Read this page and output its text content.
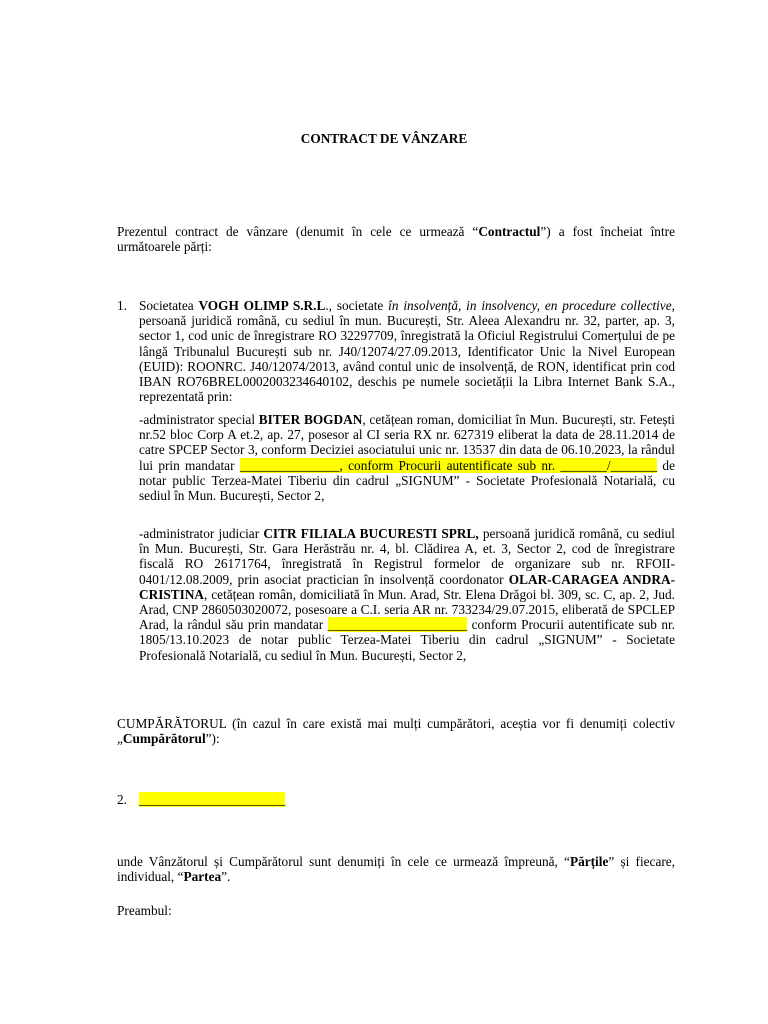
CONTRACT DE VÂNZARE

Prezentul contract de vânzare (denumit în cele ce urmează “Contractul”) a fost încheiat între următoarele părți:

1. Societatea VOGH OLIMP S.R.L., societate în insolvență, in insolvency, en procedure collective, persoană juridică română, cu sediul în mun. București, Str. Aleea Alexandru nr. 32, parter, ap. 3, sector 1, cod unic de înregistrare RO 32297709, înregistrată la Oficiul Registrului Comerțului de pe lângă Tribunalul București sub nr. J40/12074/27.09.2013, Identificator Unic la Nivel European (EUID): ROONRC. J40/12074/2013, având contul unic de insolvență, de RON, identificat prin cod IBAN RO76BREL0002003234640102, deschis pe numele societății la Libra Internet Bank S.A., reprezentată prin:

-administrator special BITER BOGDAN, cetățean roman, domiciliat în Mun. București, str. Fetești nr.52 bloc Corp A et.2, ap. 27, posesor al CI seria RX nr. 627319 eliberat la data de 28.11.2014 de catre SPCEP Sector 3, conform Deciziei asociatului unic nr. 13537 din data de 06.10.2023, la rândul lui prin mandatar _______________, conform Procurii autentificate sub nr. _______/_______ de notar public Terzea-Matei Tiberiu din cadrul „SIGNUM” - Societate Profesională Notarială, cu sediul în Mun. București, Sector 2,

-administrator judiciar CITR FILIALA BUCURESTI SPRL, persoană juridică română, cu sediul în Mun. București, Str. Gara Herăstrău nr. 4, bl. Clădirea A, et. 3, Sector 2, cod de înregistrare fiscală RO 26171764, înregistrată în Registrul formelor de organizare sub nr. RFOII-0401/12.08.2009, prin asociat practician în insolvență coordonator OLAR-CARAGEA ANDRA-CRISTINA, cetățean român, domiciliată în Mun. Arad, Str. Elena Drăgoi bl. 309, sc. C, ap. 2, Jud. Arad, CNP 2860503020072, posesoare a C.I. seria AR nr. 733234/29.07.2015, eliberată de SPCLEP Arad, la rândul său prin mandatar _____________________ conform Procurii autentificate sub nr. 1805/13.10.2023 de notar public Terzea-Matei Tiberiu din cadrul „SIGNUM” - Societate Profesională Notarială, cu sediul în Mun. București, Sector 2,

CUMPĂRĂTORUL (în cazul în care există mai mulți cumpărători, aceștia vor fi denumiți colectiv „Cumpărătorul”):

2. ______________________

unde Vânzătorul și Cumpărătorul sunt denumiți în cele ce urmează împreună, “Părțile” și fiecare, individual, “Partea”.

Preambul:
